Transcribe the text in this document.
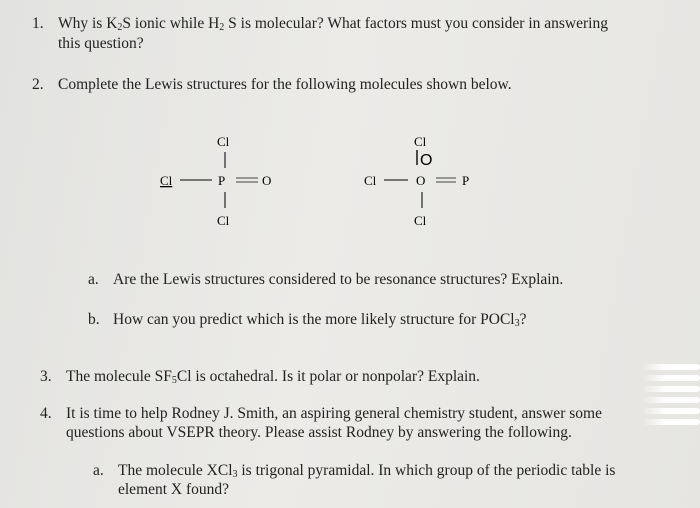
1. Why is $K_2S$ ionic while $H_2$ S is molecular? What factors must you consider in answering
this question?
2. Complete the Lewis structures for the following molecules shown below.
Cl
Cl	P	O
Cl
Cl
O
Cl	O	P
Cl
a. Are the Lewis structures considered to be resonance structures? Explain.
b. How can you predict which is the more likely structure for POCl$_3$?
3. The molecule $SF_5Cl$ is octahedral. Is it polar or nonpolar? Explain.
4. It is time to help Rodney J. Smith, an aspiring general chemistry student, answer some
questions about VSEPR theory. Please assist Rodney by answering the following.
a. The molecule XCl$_3$ is trigonal pyramidal. In which group of the periodic table is
element X found?
